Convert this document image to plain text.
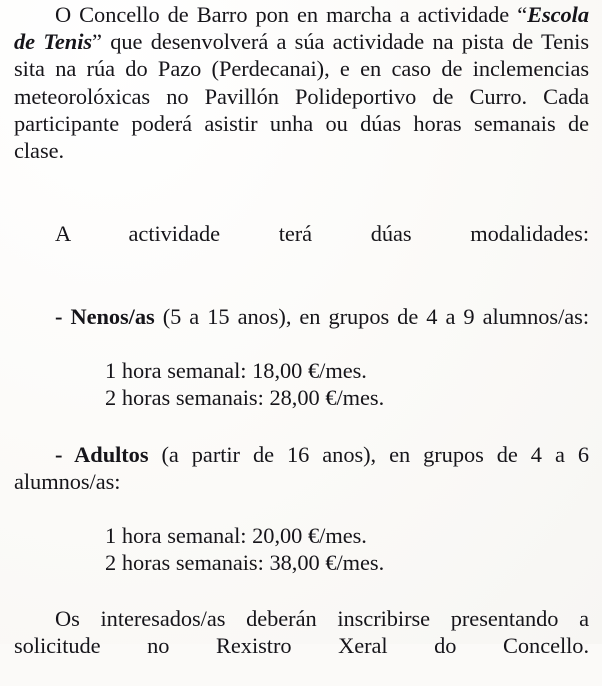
O Concello de Barro pon en marcha a actividade “Escola de Tenis” que desenvolverá a súa actividade na pista de Tenis sita na rúa do Pazo (Perdecanai), e en caso de inclemencias meteorolóxicas no Pavillón Polideportivo de Curro. Cada participante poderá asistir unha ou dúas horas semanais de clase.

A actividade terá dúas modalidades:

- Nenos/as (5 a 15 anos), en grupos de 4 a 9 alumnos/as:

1 hora semanal: 18,00 €/mes.

2 horas semanais: 28,00 €/mes.

- Adultos (a partir de 16 anos), en grupos de 4 a 6 alumnos/as:

1 hora semanal: 20,00 €/mes.

2 horas semanais: 38,00 €/mes.

Os interesados/as deberán inscribirse presentando a solicitude no Rexistro Xeral do Concello.
